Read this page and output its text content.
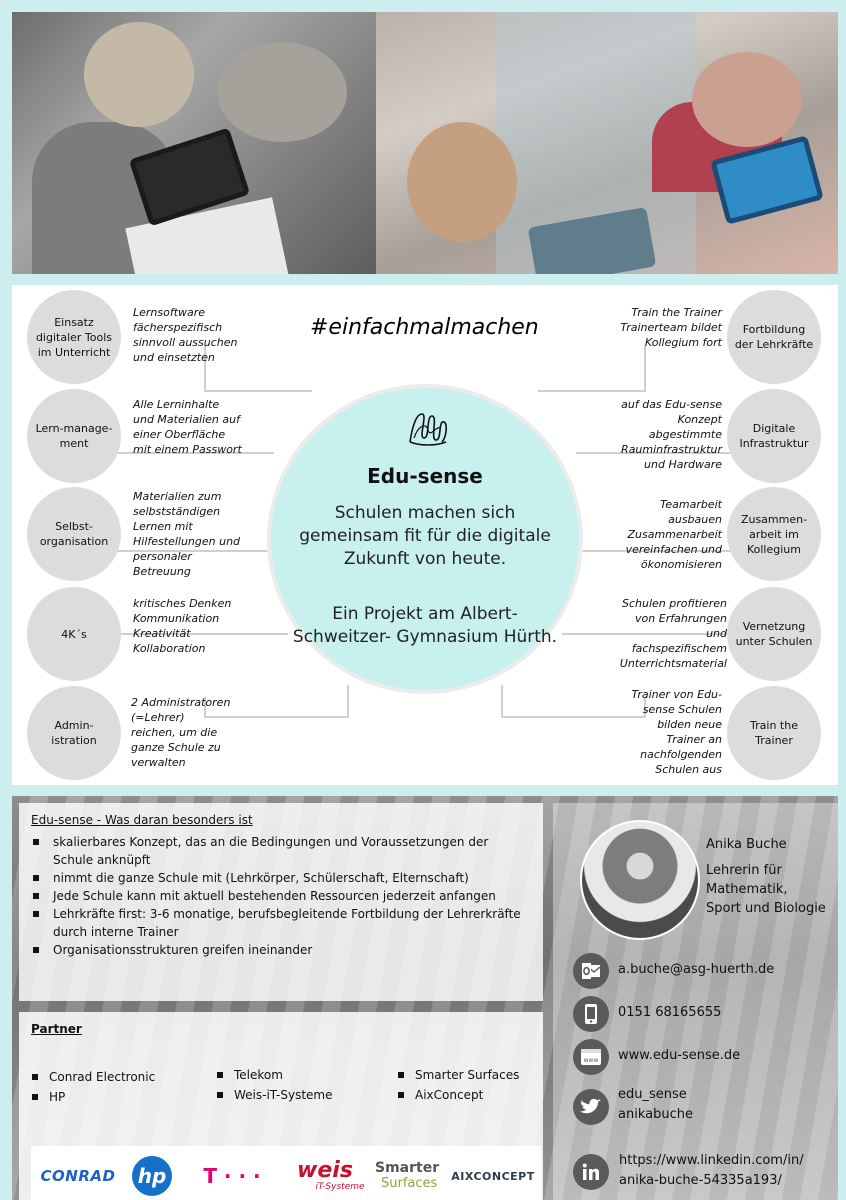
#einfachmalmachen
Edu-sense
Schulen machen sich gemeinsam fit für die digitale Zukunft von heute.
Ein Projekt am Albert-Schweitzer- Gymnasium Hürth.
Einsatz digitaler Tools im Unterricht
Lern-manage-ment
Selbst-organisation
4K´s
Admin-istration
Lernsoftware fächerspezifisch sinnvoll aussuchen und einsetzten
Alle Lerninhalte und Materialien auf einer Oberfläche mit einem Passwort
Materialien zum selbstständigen Lernen mit Hilfestellungen und personaler Betreuung
kritisches Denken Kommunikation Kreativität Kollaboration
2 Administratoren (=Lehrer) reichen, um die ganze Schule zu verwalten
Fortbildung der Lehrkräfte
Digitale Infrastruktur
Zusammen-arbeit im Kollegium
Vernetzung unter Schulen
Train the Trainer
Train the Trainer Trainerteam bildet Kollegium fort
auf das Edu-sense Konzept abgestimmte Rauminfrastruktur und Hardware
Teamarbeit ausbauen Zusammenarbeit vereinfachen und ökonomisieren
Schulen profitieren von Erfahrungen und fachspezifischem Unterrichtsmaterial
Trainer von Edu-sense Schulen bilden neue Trainer an nachfolgenden Schulen aus
Edu-sense - Was daran besonders ist
skalierbares Konzept, das an die Bedingungen und Voraussetzungen der Schule anknüpft
nimmt die ganze Schule mit (Lehrkörper, Schülerschaft, Elternschaft)
Jede Schule kann mit aktuell bestehenden Ressourcen jederzeit anfangen
Lehrkräfte first: 3-6 monatige, berufsbegleitende Fortbildung der Lehrerkräfte durch interne Trainer
Organisationsstrukturen greifen ineinander
Partner
Conrad Electronic
HP
Telekom
Weis-iT-Systeme
Smarter Surfaces
AixConcept
CONRAD hp T · · · weis
iT-Systeme
Smarter
Surfaces AIXCONCEPT
Anika Buche
Lehrerin für Mathematik, Sport und Biologie
a.buche@asg-huerth.de
0151 68165655
www www.edu-sense.de
edu_sense
anikabuche
https://www.linkedin.com/in/
anika-buche-54335a193/
